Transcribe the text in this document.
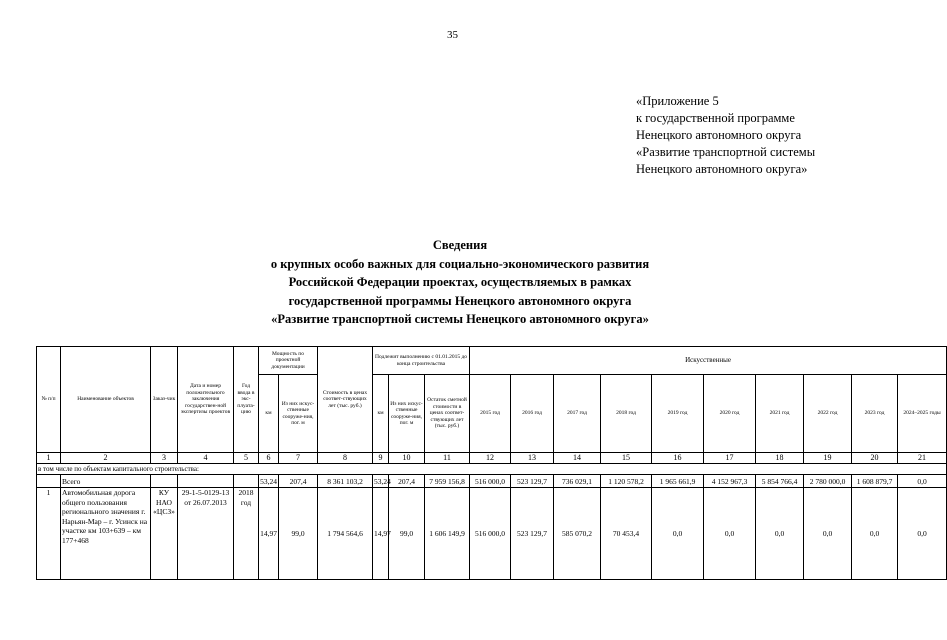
35
«Приложение 5
к государственной программе
Ненецкого автономного округа
«Развитие транспортной системы
Ненецкого автономного округа»
Сведения
о крупных особо важных для социально-экономического развития
Российской Федерации проектах, осуществляемых в рамках
государственной программы Ненецкого автономного округа
«Развитие транспортной системы Ненецкого автономного округа»
№ п/п	Наименование объектов	Заказ-чик	Дата и номер положительного заключения государствен-ной экспертизы проектов	Год ввода в экс-плуата-цию	Мощность по проектной документации		Стоимость в ценах соответ-ствующих лет (тыс. руб.)	Подлежит выполнению с 01.01.2015 до конца строительства			Искусственные									
					км	Из них искус-ственные сооруже-ния, пог. м		км	Из них искус-ственные сооруже-ния, пог. м	Остаток сметной стоимости в ценах соответ-ствующих лет (тыс. руб.)	2015 год	2016 год	2017 год	2018 год	2019 год	2020 год	2021 год	2022 год	2023 год	2024–2025 годы
1	2	3	4	5	6	7	8	9	10	11	12	13	14	15	16	17	18	19	20	21
в том числе по объектам капитального строительства:																				
	Всего				53,24	207,4	8 361 103,2	53,24	207,4	7 959 156,8	516 000,0	523 129,7	736 029,1	1 120 578,2	1 965 661,9	4 152 967,3	5 854 766,4	2 780 000,0	1 608 879,7	0,0
1	Автомобильная дорога общего пользования регионального значения г. Нарьян-Мар – г. Усинск на участке км 103+639 – км 177+468	КУ НАО «ЦСЗ»	29-1-5-0129-13 от 26.07.2013	2018 год	14,97	99,0	1 794 564,6	14,97	99,0	1 606 149,9	516 000,0	523 129,7	585 070,2	70 453,4	0,0	0,0	0,0	0,0	0,0	0,0
